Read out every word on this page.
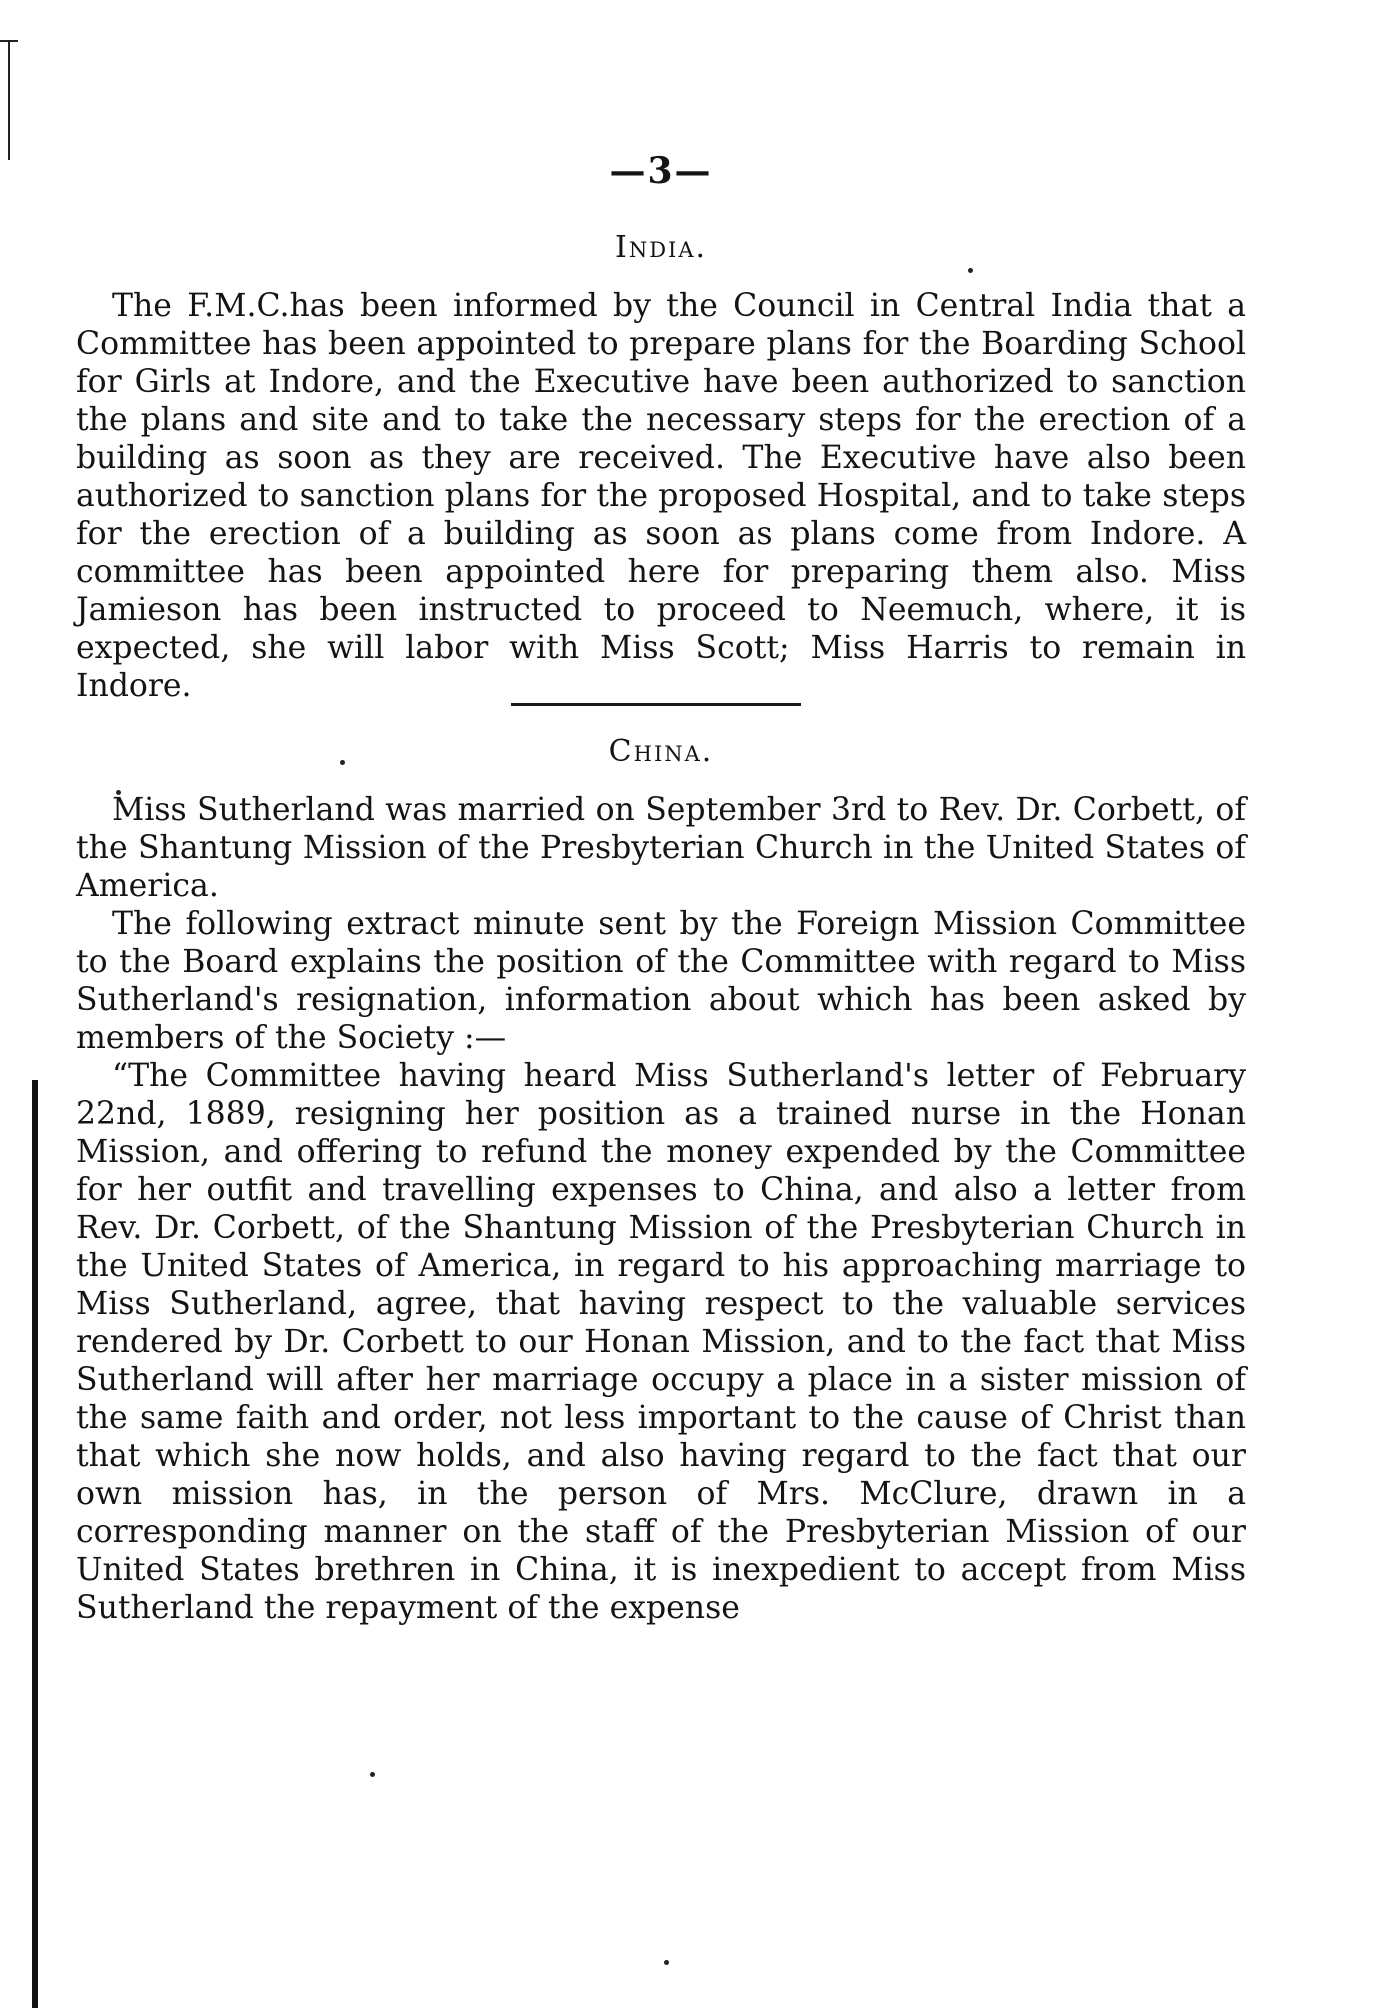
—3—
India.

The F.M.C.has been informed by the Council in Central India that a Committee has been appointed to prepare plans for the Boarding School for Girls at Indore, and the Executive have been authorized to sanction the plans and site and to take the necessary steps for the erection of a building as soon as they are received. The Executive have also been authorized to sanction plans for the proposed Hospital, and to take steps for the erection of a building as soon as plans come from Indore. A committee has been appointed here for preparing them also. Miss Jamieson has been instructed to proceed to Neemuch, where, it is expected, she will labor with Miss Scott; Miss Harris to remain in Indore.

China.

Miss Sutherland was married on September 3rd to Rev. Dr. Corbett, of the Shantung Mission of the Presbyterian Church in the United States of America.

The following extract minute sent by the Foreign Mission Committee to the Board explains the position of the Committee with regard to Miss Sutherland's resignation, information about which has been asked by members of the Society :—

“The Committee having heard Miss Sutherland's letter of February 22nd, 1889, resigning her position as a trained nurse in the Honan Mission, and offering to refund the money expended by the Committee for her outfit and travelling expenses to China, and also a letter from Rev. Dr. Corbett, of the Shantung Mission of the Presbyterian Church in the United States of America, in regard to his approaching marriage to Miss Sutherland, agree, that having respect to the valuable services rendered by Dr. Corbett to our Honan Mission, and to the fact that Miss Sutherland will after her marriage occupy a place in a sister mission of the same faith and order, not less important to the cause of Christ than that which she now holds, and also having regard to the fact that our own mission has, in the person of Mrs. McClure, drawn in a corresponding manner on the staff of the Presbyterian Mission of our United States brethren in China, it is inexpedient to accept from Miss Sutherland the repayment of the expense
